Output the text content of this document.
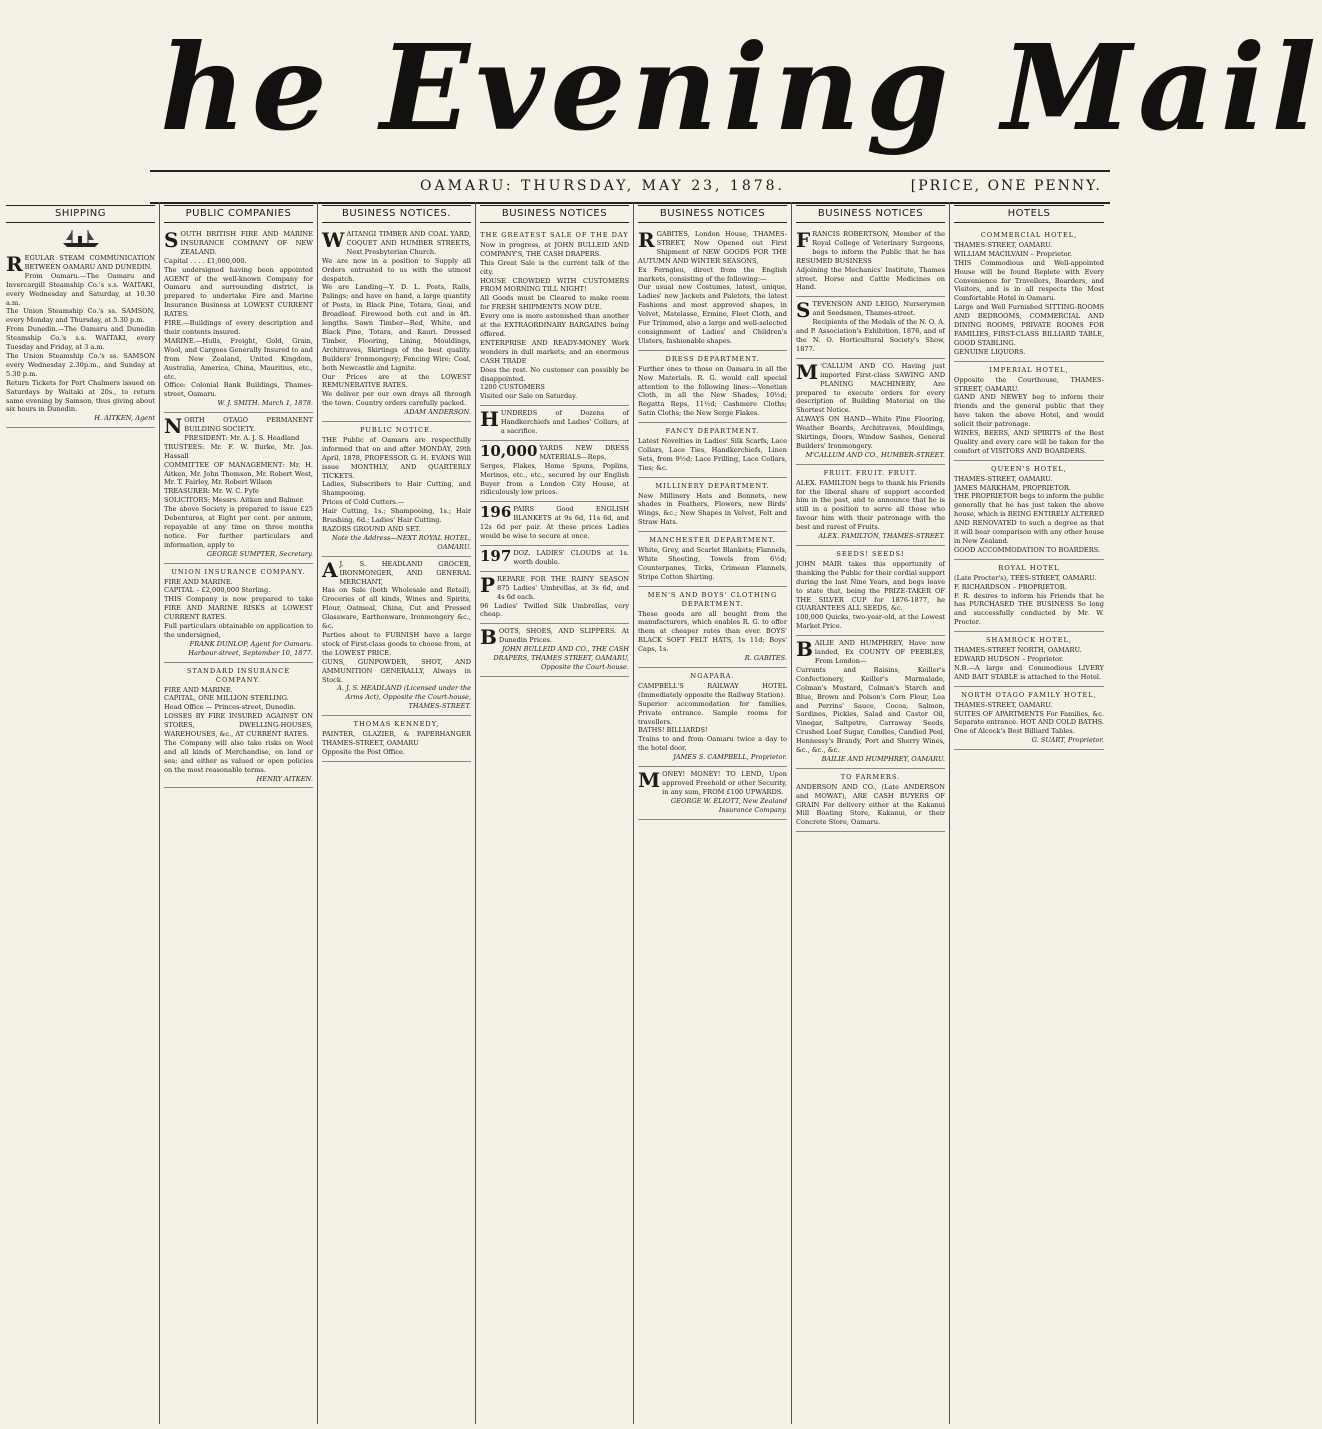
he Evening Mail
OAMARU: THURSDAY, MAY 23, 1878.	[PRICE, ONE PENNY.
SHIPPING

REGULAR STEAM COMMUNICATION BETWEEN OAMARU AND DUNEDIN.

From Oamaru.—The Oamaru and Invercargill Steamship Co.'s s.s. WAITAKI, every Wednesday and Saturday, at 10.30 a.m.

The Union Steamship Co.'s ss. SAMSON, every Monday and Thursday, at 5.30 p.m.

From Dunedin.—The Oamaru and Dunedin Steamship Co.'s s.s. WAITAKI, every Tuesday and Friday, at 3 a.m.

The Union Steamship Co.'s ss. SAMSON every Wednesday 2.30p.m., and Sunday at 5.30 p.m.

Return Tickets for Port Chalmers issued on Saturdays by Waitaki at 20s., to return same evening by Samson, thus giving about six hours in Dunedin.

H. AITKEN, Agent

PUBLIC COMPANIES

SOUTH BRITISH FIRE AND MARINE INSURANCE COMPANY OF NEW ZEALAND.

Capital . . . . £1,000,000.

The undersigned having been appointed AGENT of the well-known Company for Oamaru and surrounding district, is prepared to undertake Fire and Marine Insurance Business at LOWEST CURRENT RATES.

FIRE.—Buildings of every description and their contents insured.

MARINE.—Hulls, Freight, Gold, Grain, Wool, and Cargoes Generally Insured to and from New Zealand, United Kingdom, Australia, America, China, Mauritius, etc., etc.

Office: Colonial Bank Buildings, Thames-street, Oamaru.

W. J. SMITH. March 1, 1878.

NORTH OTAGO PERMANENT BUILDING SOCIETY.

PRESIDENT: Mr. A. J. S. Headland

TRUSTEES: Mr. F. W. Burke, Mr. Jas. Hassall

COMMITTEE OF MANAGEMENT: Mr. H. Aitken, Mr. John Thomson, Mr. Robert West, Mr. T. Fairley, Mr. Robert Wilson

TREASURER: Mr. W. C. Fyfe

SOLICITORS: Messrs. Aitken and Balmer.

The above Society is prepared to issue £25 Debentures, at Eight per cent. per annum, repayable at any time on three months notice. For further particulars and information, apply to

GEORGE SUMPTER, Secretary.

UNION INSURANCE COMPANY.

FIRE AND MARINE.

CAPITAL – £2,000,000 Sterling.

THIS Company is now prepared to take FIRE AND MARINE RISKS at LOWEST CURRENT RATES.

Full particulars obtainable on application to the undersigned,

FRANK DUNLOP, Agent for Oamaru. Harbour-street, September 10, 1877.

STANDARD INSURANCE COMPANY.

FIRE AND MARINE.

CAPITAL, ONE MILLION STERLING.

Head Office — Princes-street, Dunedin.

LOSSES BY FIRE INSURED AGAINST ON STORES, DWELLING-HOUSES, WAREHOUSES, &c., AT CURRENT RATES.

The Company will also take risks on Wool and all kinds of Merchandise, on land or sea; and either as valued or open policies on the most reasonable terms.

HENRY AITKEN.

BUSINESS NOTICES.

WAITANGI TIMBER AND COAL YARD, COQUET AND HUMBER STREETS, Next Presbyterian Church.

We are now in a position to Supply all Orders entrusted to us with the utmost despatch.

We are Landing—Y. D. L. Posts, Rails, Palings; and have on hand, a large quantity of Posts, in Black Pine, Totara, Goai, and Broadleaf. Firewood both cut and in 4ft. lengths. Sawn Timber—Red, White, and Black Pine, Totara, and Kauri. Dressed Timber, Flooring, Lining, Mouldings, Architraves, Skirtings of the best quality. Builders' Ironmongery; Fencing Wire; Coal, both Newcastle and Lignite.

Our Prices are at the LOWEST REMUNERATIVE RATES.

We deliver per our own drays all through the town. Country orders carefully packed.

ADAM ANDERSON.

PUBLIC NOTICE.

THE Public of Oamaru are respectfully informed that on and after MONDAY, 29th April, 1878, PROFESSOR G. H. EVANS Will issue MONTHLY, AND QUARTERLY TICKETS.

Ladies, Subscribers to Hair Cutting, and Shampooing.

Prices of Cold Cutters.—

Hair Cutting, 1s.; Shampooing, 1s.; Hair Brushing, 6d.; Ladies' Hair Cutting.

RAZORS GROUND AND SET.

Note the Address—NEXT ROYAL HOTEL, OAMARU.

A J. S. HEADLAND GROCER, IRONMONGER, AND GENERAL MERCHANT,

Has on Sale (both Wholesale and Retail), Groceries of all kinds, Wines and Spirits, Flour, Oatmeal, China, Cut and Pressed Glassware, Earthenware, Ironmongery &c., &c.

Parties about to FURNISH have a large stock of First-class goods to choose from, at the LOWEST PRICE.

GUNS, GUNPOWDER, SHOT, AND AMMUNITION GENERALLY, Always in Stock.

A. J. S. HEADLAND (Licensed under the Arms Act), Opposite the Court-house, THAMES-STREET.

THOMAS KENNEDY,

PAINTER, GLAZIER, & PAPERHANGER THAMES-STREET, OAMARU

Opposite the Post Office.

BUSINESS NOTICES

THE GREATEST SALE OF THE DAY

Now in progress, at JOHN BULLEID AND COMPANY'S, THE CASH DRAPERS.

This Great Sale is the current talk of the city.

HOUSE CROWDED WITH CUSTOMERS FROM MORNING TILL NIGHT!

All Goods must be Cleared to make room for FRESH SHIPMENTS NOW DUE.

Every one is more astonished than another at the EXTRAORDINARY BARGAINS being offered.

ENTERPRISE AND READY-MONEY Work wonders in dull markets; and an enormous CASH TRADE

Does the rest. No customer can possibly be disappointed.

1200 CUSTOMERS

Visited our Sale on Saturday.

HUNDREDS of Dozens of Handkerchiefs and Ladies' Collars, at a sacrifice.

10,000 YARDS NEW DRESS MATERIALS—Reps, Serges, Flakes, Home Spuns, Poplins, Merinos, etc., etc., secured by our English Buyer from a London City House, at ridiculously low prices.

196 PAIRS Good ENGLISH BLANKETS at 9s 6d, 11s 6d, and 12s 6d per pair. At these prices Ladies would be wise to secure at once.

197 DOZ. LADIES' CLOUDS at 1s. worth double.

PREPARE FOR THE RAINY SEASON 875 Ladies' Umbrellas, at 3s 6d, and 4s 6d each.

96 Ladies' Twilled Silk Umbrellas, very cheap.

BOOTS, SHOES, AND SLIPPERS. At Dunedin Prices.

JOHN BULLEID AND CO., THE CASH DRAPERS, THAMES STREET, OAMARU, Opposite the Court-house.

BUSINESS NOTICES

RGABITES, London House, THAMES-STREET, Now Opened out First Shipment of NEW GOODS FOR THE AUTUMN AND WINTER SEASONS,

Ex Ferngleu, direct from the English markets, consisting of the following:—

Our usual new Costumes, latest, unique, Ladies' new Jackets and Paletots, the latest Fashions and most approved shapes, in Velvet, Matelasse, Ermine, Fleet Cloth, and Fur Trimmed, also a large and well-selected consignment of Ladies' and Children's Ulsters, fashionable shapes.

DRESS DEPARTMENT.

Further ones to those on Oamaru in all the New Materials. R. G. would call special attention to the following lines:—Venetian Cloth, in all the New Shades, 10½d; Regatta Reps, 11½d; Cashmere Cloths; Satin Cloths; the New Serge Flakes.

FANCY DEPARTMENT.

Latest Novelties in Ladies' Silk Scarfs, Lace Collars, Lace Ties, Handkerchiefs, Linen Sets, from 9½d; Lace Frilling, Lace Collars, Ties; &c.

MILLINERY DEPARTMENT.

New Millinery Hats and Bonnets, new shades in Feathers, Flowers, new Birds' Wings, &c.; New Shapes in Velvet, Felt and Straw Hats.

MANCHESTER DEPARTMENT.

White, Grey, and Scarlet Blankets; Flannels, White Sheeting, Towels from 6½d; Counterpanes, Ticks, Crimean Flannels, Stripe Cotton Shirting.

MEN'S AND BOYS' CLOTHING DEPARTMENT.

These goods are all bought from the manufacturers, which enables R. G. to offer them at cheaper rates than ever. BOYS' BLACK SOFT FELT HATS, 1s 11d; Boys' Caps, 1s.

R. GABITES.

NGAPARA.

CAMPBELL'S RAILWAY HOTEL (Immediately opposite the Railway Station).

Superior accommodation for families, Private entrance. Sample rooms for travellers.

BATHS! BILLIARDS!

Trains to and from Oamaru twice a day to the hotel door.

JAMES S. CAMPBELL, Proprietor.

MONEY! MONEY! TO LEND, Upon approved Freehold or other Security, in any sum, FROM £100 UPWARDS.

GEORGE W. ELIOTT, New Zealand Insurance Company.

BUSINESS NOTICES

FRANCIS ROBERTSON, Member of the Royal College of Veterinary Surgeons, begs to inform the Public that he has RESUMED BUSINESS

Adjoining the Mechanics' Institute, Thames street. Horse and Cattle Medicines on Hand.

STEVENSON AND LEIGO, Nurserymen and Seedsmen, Thames-street.

Recipients of the Medals of the N. O. A. and P. Association's Exhibition, 1876, and of the N. O. Horticultural Society's Show, 1877.

M 'CALLUM AND CO. Having just imported First-class SAWING AND PLANING MACHINERY, Are prepared to execute orders for every description of Building Material on the Shortest Notice.

ALWAYS ON HAND—White Pine Flooring, Weather Boards, Architraves, Mouldings, Skirtings, Doors, Window Sashes, General Builders' Ironmongery.

M'CALLUM AND CO., HUMBER-STREET.

FRUIT. FRUIT. FRUIT.

ALEX. FAMILTON begs to thank his Friends for the liberal share of support accorded him in the past, and to announce that he is still in a position to serve all those who favour him with their patronage with the best and rarest of Fruits.

ALEX. FAMILTON, THAMES-STREET.

SEEDS! SEEDS!

JOHN MAIR takes this opportunity of thanking the Public for their cordial support during the last Nine Years, and begs leave to state that, being the PRIZE-TAKER OF THE SILVER CUP for 1876-1877, he GUARANTEES ALL SEEDS, &c.

100,000 Quicks, two-year-old, at the Lowest Market Price.

BAILIE AND HUMPHREY, Have now landed, Ex COUNTY OF PEEBLES, From London—

Currants and Raisins, Keiller's Confectionery, Keiller's Marmalade, Colman's Mustard, Colman's Starch and Blue, Brown and Polson's Corn Flour, Lea and Perrins' Sauce, Cocoa, Salmon, Sardines, Pickles, Salad and Castor Oil, Vinegar, Saltpetre, Carraway Seeds, Crushed Loaf Sugar, Candles, Candied Peel, Hennessy's Brandy, Port and Sherry Wines, &c., &c., &c.

BAILIE AND HUMPHREY, OAMARU.

TO FARMERS.

ANDERSON AND CO., (Late ANDERSON and MOWAT), ARE CASH BUYERS OF GRAIN For delivery either at the Kakanui Mill Boating Store, Kakanui, or their Concrete Store, Oamaru.

HOTELS

COMMERCIAL HOTEL,

THAMES-STREET, OAMARU.

WILLIAM MACILVAIN – Proprietor.

THIS Commodious and Well-appointed House will be found Replete with Every Convenience for Travellers, Boarders, and Visitors, and is in all respects the Most Comfortable Hotel in Oamaru.

Large and Well Furnished SITTING-ROOMS AND BEDROOMS, COMMERCIAL AND DINING ROOMS, PRIVATE ROOMS FOR FAMILIES, FIRST-CLASS BILLIARD TABLE, GOOD STABLING.

GENUINE LIQUORS.

IMPERIAL HOTEL,

Opposite the Courthouse, THAMES-STREET, OAMARU.

GAND AND NEWEY beg to inform their friends and the general public that they have taken the above Hotel, and would solicit their patronage.

WINES, BEERS, AND SPIRITS of the Best Quality and every care will be taken for the comfort of VISITORS AND BOARDERS.

QUEEN'S HOTEL,

THAMES-STREET, OAMARU.

JAMES MARKHAM, PROPRIETOR.

THE PROPRIETOR begs to inform the public generally that he has just taken the above house, which is BEING ENTIRELY ALTERED AND RENOVATED to such a degree as that it will bear comparison with any other house in New Zealand.

GOOD ACCOMMODATION TO BOARDERS.

ROYAL HOTEL

(Late Procter's), TEES-STREET, OAMARU.

F. RICHARDSON – PROPRIETOR.

F. R. desires to inform his Friends that he has PURCHASED THE BUSINESS So long and successfully conducted by Mr. W. Procter.

SHAMROCK HOTEL,

THAMES-STREET NORTH, OAMARU.

EDWARD HUDSON – Proprietor.

N.B.—A large and Commodious LIVERY AND BAIT STABLE is attached to the Hotel.

NORTH OTAGO FAMILY HOTEL,

THAMES-STREET, OAMARU.

SUITES OF APARTMENTS For Families, &c. Separate entrance. HOT AND COLD BATHS. One of Alcock's Best Billiard Tables.

G. SUART, Proprietor.
